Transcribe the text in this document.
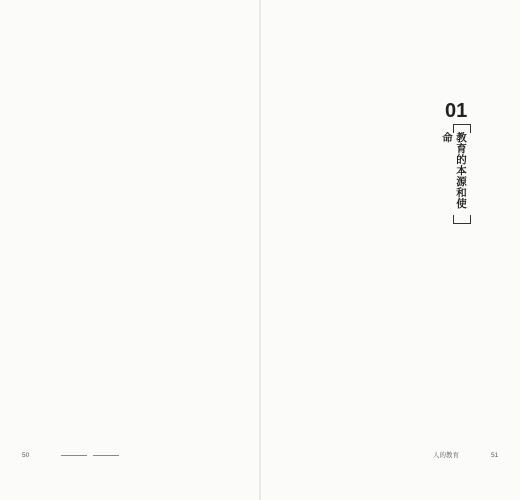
50	人的教育	51
01
教育的本源和使命
